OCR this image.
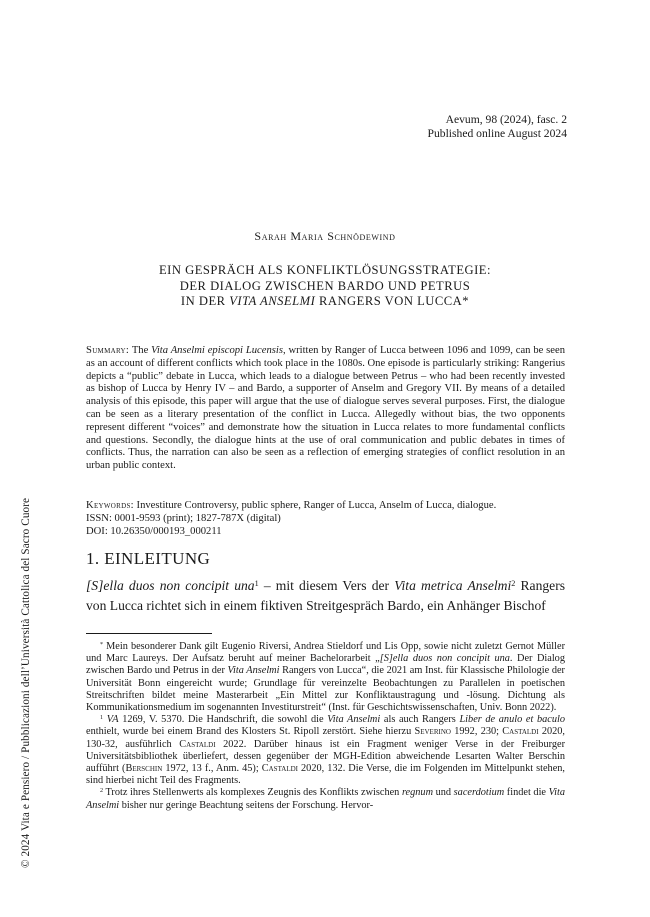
© 2024 Vita e Pensiero / Pubblicazioni dell’Università Cattolica del Sacro Cuore
Aevum, 98 (2024), fasc. 2
Published online August 2024
Sarah Maria Schnödewind
EIN GESPRÄCH ALS KONFLIKTLÖSUNGSSTRATEGIE:
DER DIALOG ZWISCHEN BARDO UND PETRUS
IN DER VITA ANSELMI RANGERS VON LUCCA*
Summary: The Vita Anselmi episcopi Lucensis, written by Ranger of Lucca between 1096 and 1099, can be seen as an account of different conflicts which took place in the 1080s. One episode is particularly striking: Rangerius depicts a “public” debate in Lucca, which leads to a dialogue between Petrus – who had been recently invested as bishop of Lucca by Henry IV – and Bardo, a supporter of Anselm and Gregory VII. By means of a detailed analysis of this episode, this paper will argue that the use of dialogue serves several purposes. First, the dialogue can be seen as a literary presentation of the conflict in Lucca. Allegedly without bias, the two opponents represent different “voices” and demonstrate how the situation in Lucca relates to more fundamental conflicts and questions. Secondly, the dialogue hints at the use of oral communication and public debates in times of conflicts. Thus, the narration can also be seen as a reflection of emerging strategies of conflict resolution in an urban public context.
Keywords: Investiture Controversy, public sphere, Ranger of Lucca, Anselm of Lucca, dialogue.
ISSN: 0001-9593 (print); 1827-787X (digital)
DOI: 10.26350/000193_000211
1. EINLEITUNG
[S]ella duos non concipit una$^1$ – mit diesem Vers der Vita metrica Anselmi$^2$ Rangers von Lucca richtet sich in einem fiktiven Streitgespräch Bardo, ein Anhänger Bischof

* Mein besonderer Dank gilt Eugenio Riversi, Andrea Stieldorf und Lis Opp, sowie nicht zuletzt Gernot Müller und Marc Laureys. Der Aufsatz beruht auf meiner Bachelorarbeit „[S]ella duos non concipit una. Der Dialog zwischen Bardo und Petrus in der Vita Anselmi Rangers von Lucca“, die 2021 am Inst. für Klassische Philologie der Universität Bonn eingereicht wurde; Grundlage für vereinzelte Beobachtungen zu Parallelen in poetischen Streitschriften bildet meine Masterarbeit „Ein Mittel zur Konfliktaustragung und -lösung. Dichtung als Kommunikationsmedium im sogenannten Investiturstreit“ (Inst. für Geschichtswissenschaften, Univ. Bonn 2022).

$^1$ VA 1269, V. 5370. Die Handschrift, die sowohl die Vita Anselmi als auch Rangers Liber de anulo et baculo enthielt, wurde bei einem Brand des Klosters St. Ripoll zerstört. Siehe hierzu Severino 1992, 230; Castaldi 2020, 130-32, ausführlich Castaldi 2022. Darüber hinaus ist ein Fragment weniger Verse in der Freiburger Universitätsbibliothek überliefert, dessen gegenüber der MGH-Edition abweichende Lesarten Walter Berschin aufführt (Berschin 1972, 13 f., Anm. 45); Castaldi 2020, 132. Die Verse, die im Folgenden im Mittelpunkt stehen, sind hierbei nicht Teil des Fragments.

$^2$ Trotz ihres Stellenwerts als komplexes Zeugnis des Konflikts zwischen regnum und sacerdotium findet die Vita Anselmi bisher nur geringe Beachtung seitens der Forschung. Hervor-
